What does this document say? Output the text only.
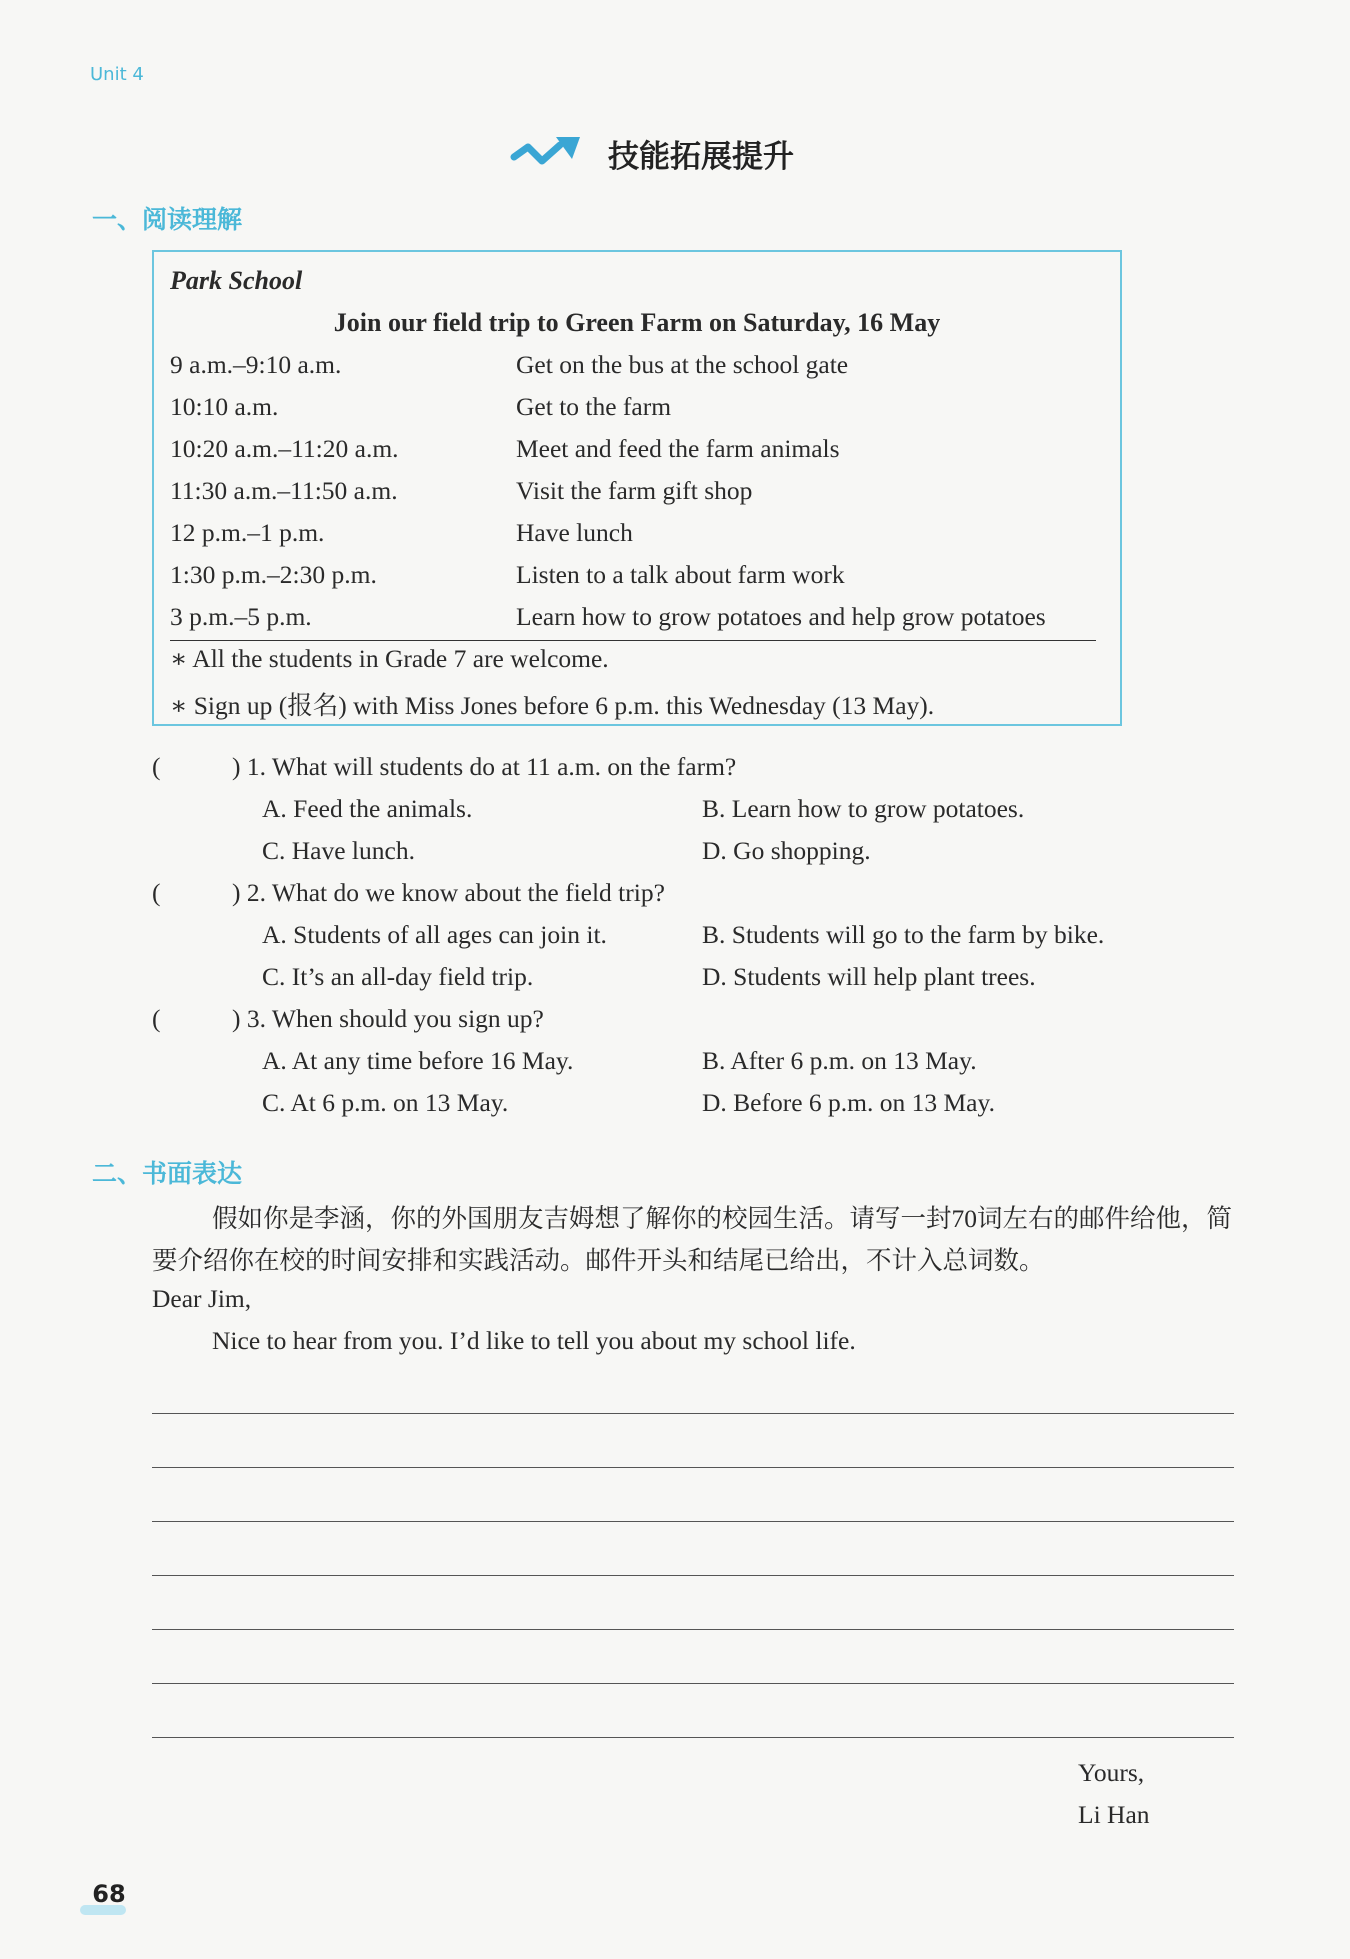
Unit 4
技能拓展提升
一、阅读理解
Park School
Join our field trip to Green Farm on Saturday, 16 May
9 a.m.–9:10 a.m.	Get on the bus at the school gate
10:10 a.m.	Get to the farm
10:20 a.m.–11:20 a.m.	Meet and feed the farm animals
11:30 a.m.–11:50 a.m.	Visit the farm gift shop
12 p.m.–1 p.m.	Have lunch
1:30 p.m.–2:30 p.m.	Listen to a talk about farm work
3 p.m.–5 p.m.	Learn how to grow potatoes and help grow potatoes
∗ All the students in Grade 7 are welcome.
∗ Sign up (报名) with Miss Jones before 6 p.m. this Wednesday (13 May).
(	) 1. What will students do at 11 a.m. on the farm?
A. Feed the animals.	B. Learn how to grow potatoes.
C. Have lunch.	D. Go shopping.
(	) 2. What do we know about the field trip?
A. Students of all ages can join it.	B. Students will go to the farm by bike.
C. It’s an all-day field trip.	D. Students will help plant trees.
(	) 3. When should you sign up?
A. At any time before 16 May.	B. After 6 p.m. on 13 May.
C. At 6 p.m. on 13 May.	D. Before 6 p.m. on 13 May.
二、书面表达
假如你是李涵，你的外国朋友吉姆想了解你的校园生活。请写一封70词左右的邮件给他，简要介绍你在校的时间安排和实践活动。邮件开头和结尾已给出，不计入总词数。
Dear Jim,
Nice to hear from you. I’d like to tell you about my school life.
Yours,
Li Han
68
